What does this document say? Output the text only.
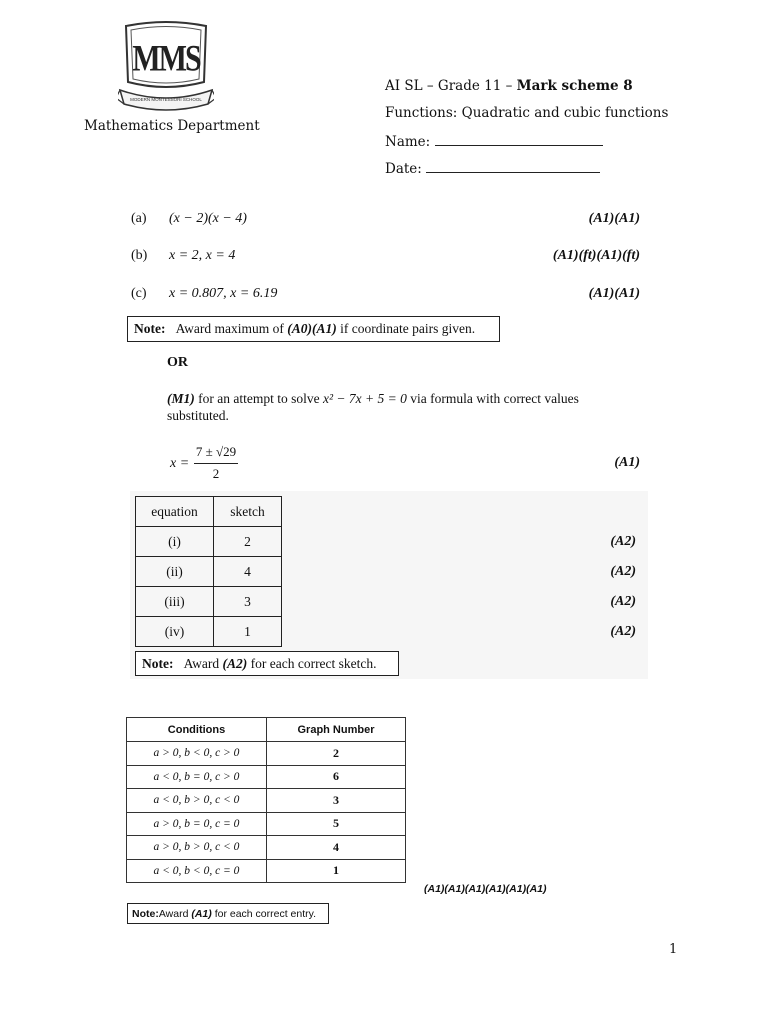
MMS
MODERN MONTESSORI SCHOOL
Mathematics Department
AI SL – Grade 11 – Mark scheme 8
Functions: Quadratic and cubic functions
Name:
Date:
(a) (x − 2)(x − 4)	(A1)(A1)
(b) x = 2, x = 4	(A1)(ft)(A1)(ft)
(c) x = 0.807, x = 6.19	(A1)(A1)
Note:
Award maximum of
(A0)(A1)
if coordinate pairs given.
OR
(M1) for an attempt to solve x² − 7x + 5 = 0 via formula with correct values
substituted.
x =
7 ± √29
2
(A1)
equation	sketch
(i)	2
(ii)	4
(iii)	3
(iv)	1
(A2)
(A2)
(A2)
(A2)
Note:
Award
(A2)
for each correct sketch.
Conditions	Graph Number
a > 0, b < 0, c > 0	2
a < 0, b = 0, c > 0	6
a < 0, b > 0, c < 0	3
a > 0, b = 0, c = 0	5
a > 0, b > 0, c < 0	4
a < 0, b < 0, c = 0	1
(A1)(A1)(A1)(A1)(A1)(A1)
Note: Award
(A1)
for each correct entry.
1
